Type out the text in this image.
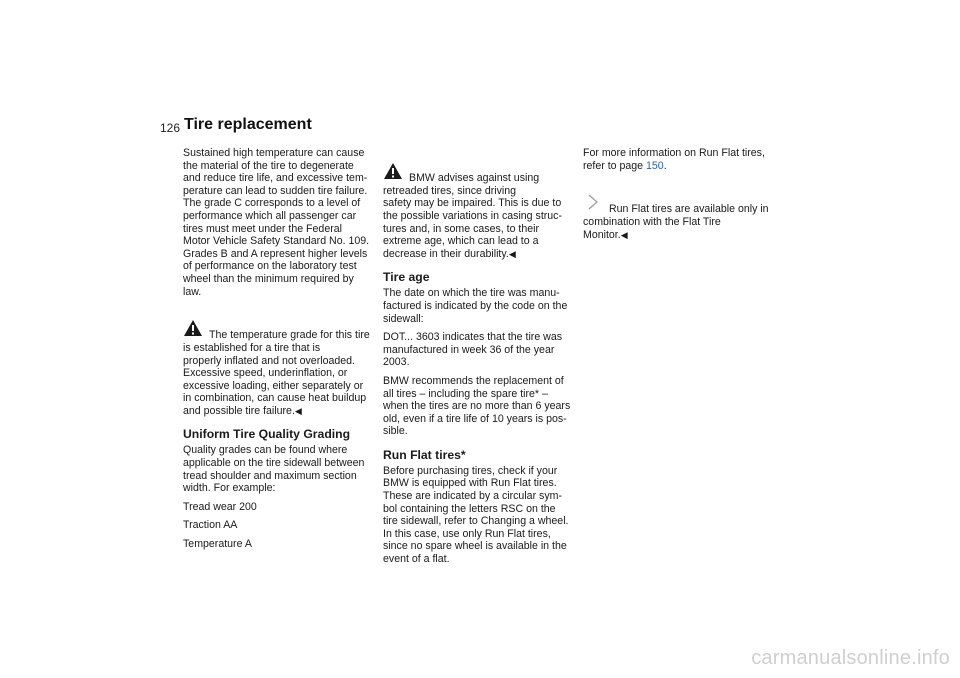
126 Tire replacement

Sustained high temperature can cause
the material of the tire to degenerate
and reduce tire life, and excessive tem-
perature can lead to sudden tire failure.
The grade C corresponds to a level of
performance which all passenger car
tires must meet under the Federal
Motor Vehicle Safety Standard No. 109.
Grades B and A represent higher levels
of performance on the laboratory test
wheel than the minimum required by
law.

The temperature grade for this tire
is established for a tire that is
properly inflated and not overloaded.
Excessive speed, underinflation, or
excessive loading, either separately or
in combination, can cause heat buildup
and possible tire failure.◀

Uniform Tire Quality Grading

Quality grades can be found where
applicable on the tire sidewall between
tread shoulder and maximum section
width. For example:

Tread wear 200

Traction AA

Temperature A

BMW advises against using
retreaded tires, since driving
safety may be impaired. This is due to
the possible variations in casing struc-
tures and, in some cases, to their
extreme age, which can lead to a
decrease in their durability.◀

Tire age

The date on which the tire was manu-
factured is indicated by the code on the
sidewall:

DOT... 3603 indicates that the tire was
manufactured in week 36 of the year
2003.

BMW recommends the replacement of
all tires – including the spare tire* –
when the tires are no more than 6 years
old, even if a tire life of 10 years is pos-
sible.

Run Flat tires*

Before purchasing tires, check if your
BMW is equipped with Run Flat tires.
These are indicated by a circular sym-
bol containing the letters RSC on the
tire sidewall, refer to Changing a wheel.
In this case, use only Run Flat tires,
since no spare wheel is available in the
event of a flat.

For more information on Run Flat tires,
refer to page 150.

Run Flat tires are available only in
combination with the Flat Tire
Monitor.◀

carmanualsonline.info
